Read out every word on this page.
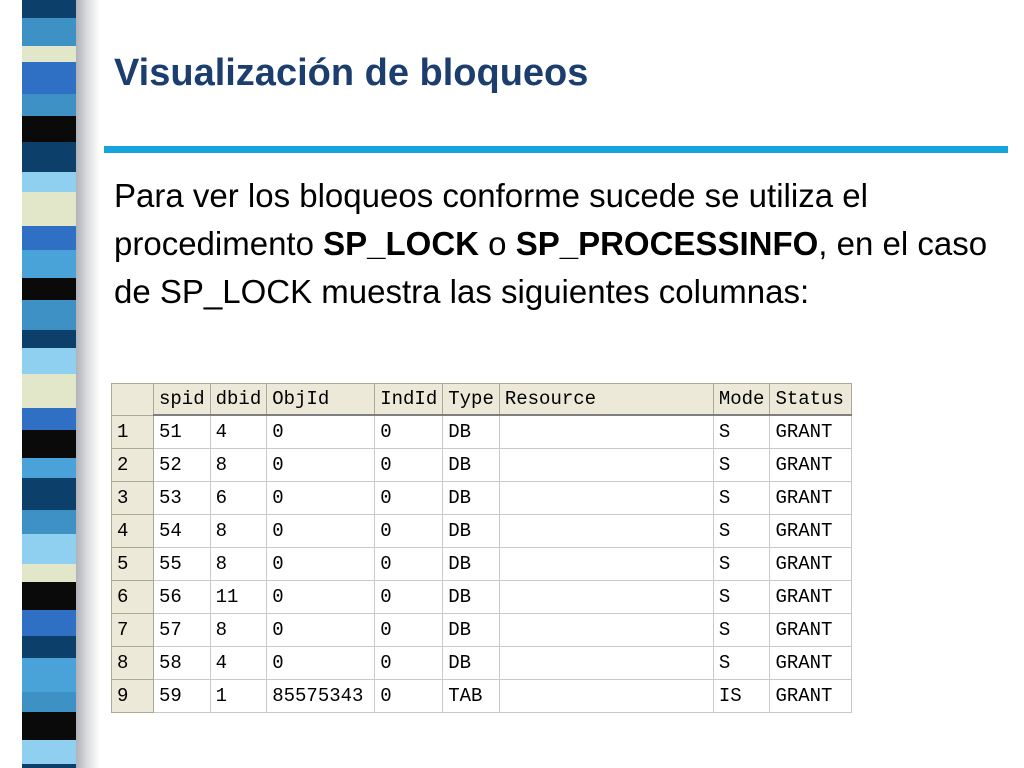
Visualización de bloqueos

Para ver los bloqueos conforme sucede se utiliza el procedimento SP_LOCK o SP_PROCESSINFO, en el caso de SP_LOCK muestra las siguientes columnas:

	spid	dbid	ObjId	IndId	Type	Resource	Mode	Status
1	51	4	0	0	DB		S	GRANT
2	52	8	0	0	DB		S	GRANT
3	53	6	0	0	DB		S	GRANT
4	54	8	0	0	DB		S	GRANT
5	55	8	0	0	DB		S	GRANT
6	56	11	0	0	DB		S	GRANT
7	57	8	0	0	DB		S	GRANT
8	58	4	0	0	DB		S	GRANT
9	59	1	85575343	0	TAB		IS	GRANT
